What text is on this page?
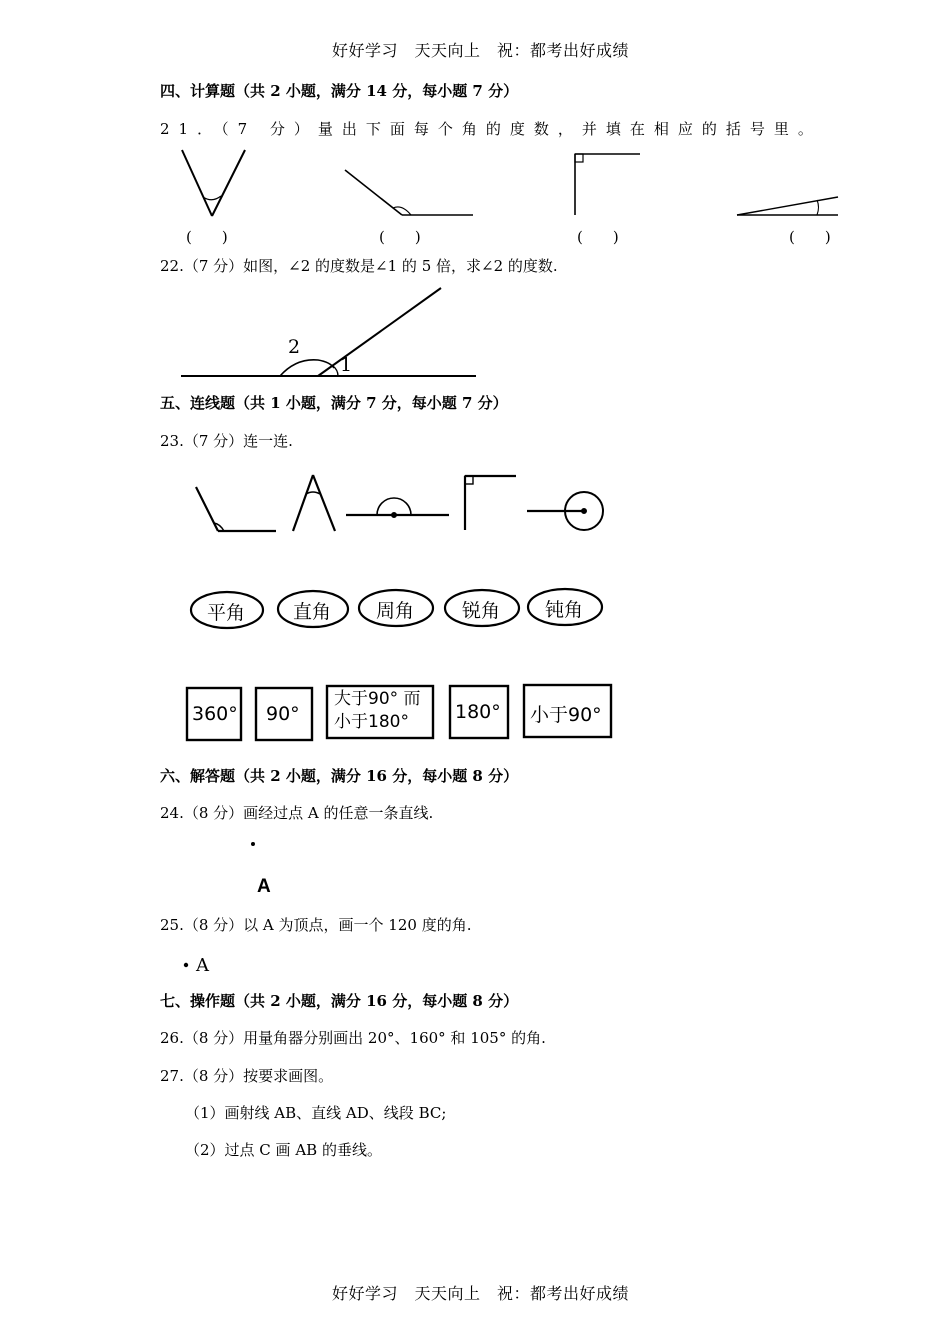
好好学习　天天向上　祝：都考出好成绩
四、计算题（共 2 小题，满分 14 分，每小题 7 分）
21．（7 分）量出下面每个角的度数，并填在相应的括号里。
(　　)	(　　)	(　　)	(　　)
22.（7 分）如图，∠2 的度数是∠1 的 5 倍，求∠2 的度数.
2
1
五、连线题（共 1 小题，满分 7 分，每小题 7 分）
23.（7 分）连一连.
平角	直角 周角	锐角 钝角
360° 90°
大于90° 而
小于180°	180° 小于90°
六、解答题（共 2 小题，满分 16 分，每小题 8 分）
24.（8 分）画经过点 A 的任意一条直线.
A
25.（8 分）以 A 为顶点，画一个 120 度的角.
A
七、操作题（共 2 小题，满分 16 分，每小题 8 分）
26.（8 分）用量角器分别画出 20°、160° 和 105° 的角.
27.（8 分）按要求画图。
（1）画射线 AB、直线 AD、线段 BC;
（2）过点 C 画 AB 的垂线。
好好学习　天天向上　祝：都考出好成绩
